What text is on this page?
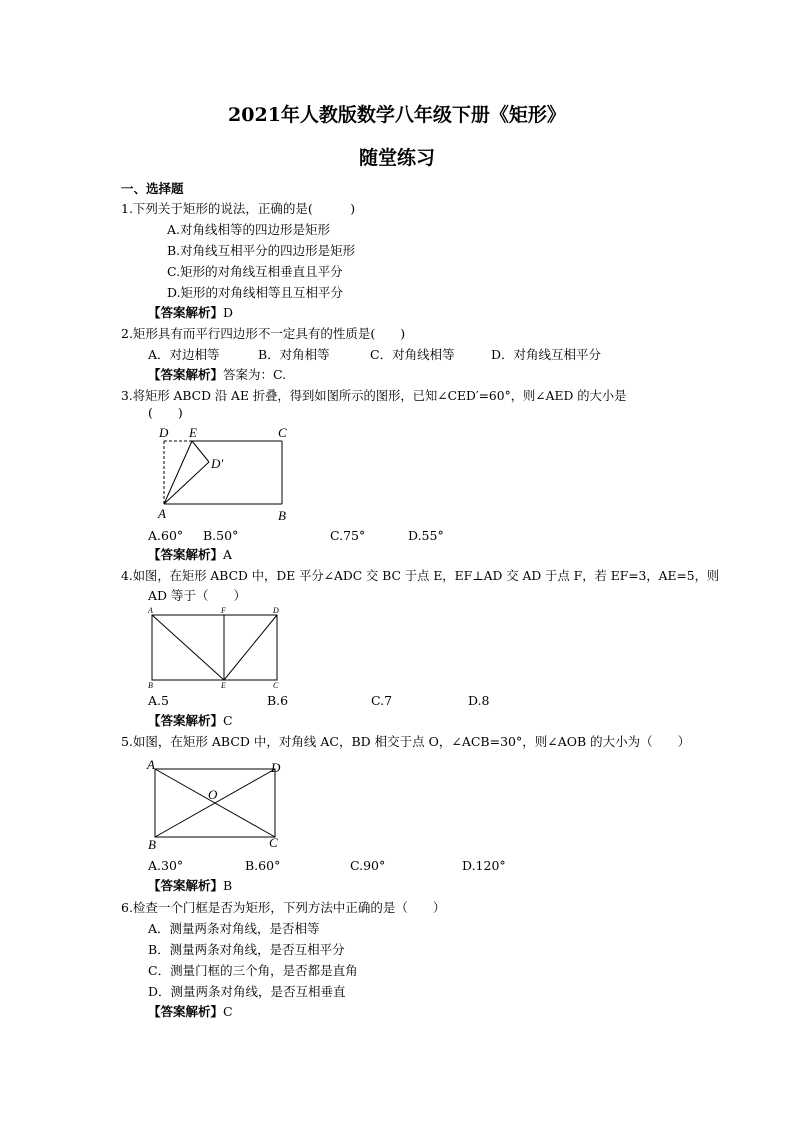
2021年人教版数学八年级下册《矩形》
随堂练习
一、选择题
1.下列关于矩形的说法，正确的是(　　　)
A.对角线相等的四边形是矩形
B.对角线互相平分的四边形是矩形
C.矩形的对角线互相垂直且平分
D.矩形的对角线相等且互相平分
【答案解析】D
2.矩形具有而平行四边形不一定具有的性质是(　　)
A．对边相等	B．对角相等	C．对角线相等	D．对角线互相平分
【答案解析】答案为：C.
3.将矩形 ABCD 沿 AE 折叠，得到如图所示的图形，已知∠CED′=60°，则∠AED 的大小是
(　　)
D E	C
D′
A	B
A.60° B.50°	C.75°	D.55°
【答案解析】A
4.如图，在矩形 ABCD 中，DE 平分∠ADC 交 BC 于点 E，EF⊥AD 交 AD 于点 F，若 EF=3，AE=5，则
AD 等于（　　）
A	F	D
B	E	C
A.5	B.6	C.7	D.8
【答案解析】C
5.如图，在矩形 ABCD 中，对角线 AC，BD 相交于点 O，∠ACB=30°，则∠AOB 的大小为（　　）
A	D
O
B	C
A.30°	B.60°	C.90°	D.120°
【答案解析】B
6.检查一个门框是否为矩形，下列方法中正确的是（　　）
A．测量两条对角线，是否相等
B．测量两条对角线，是否互相平分
C．测量门框的三个角，是否都是直角
D．测量两条对角线，是否互相垂直
【答案解析】C
